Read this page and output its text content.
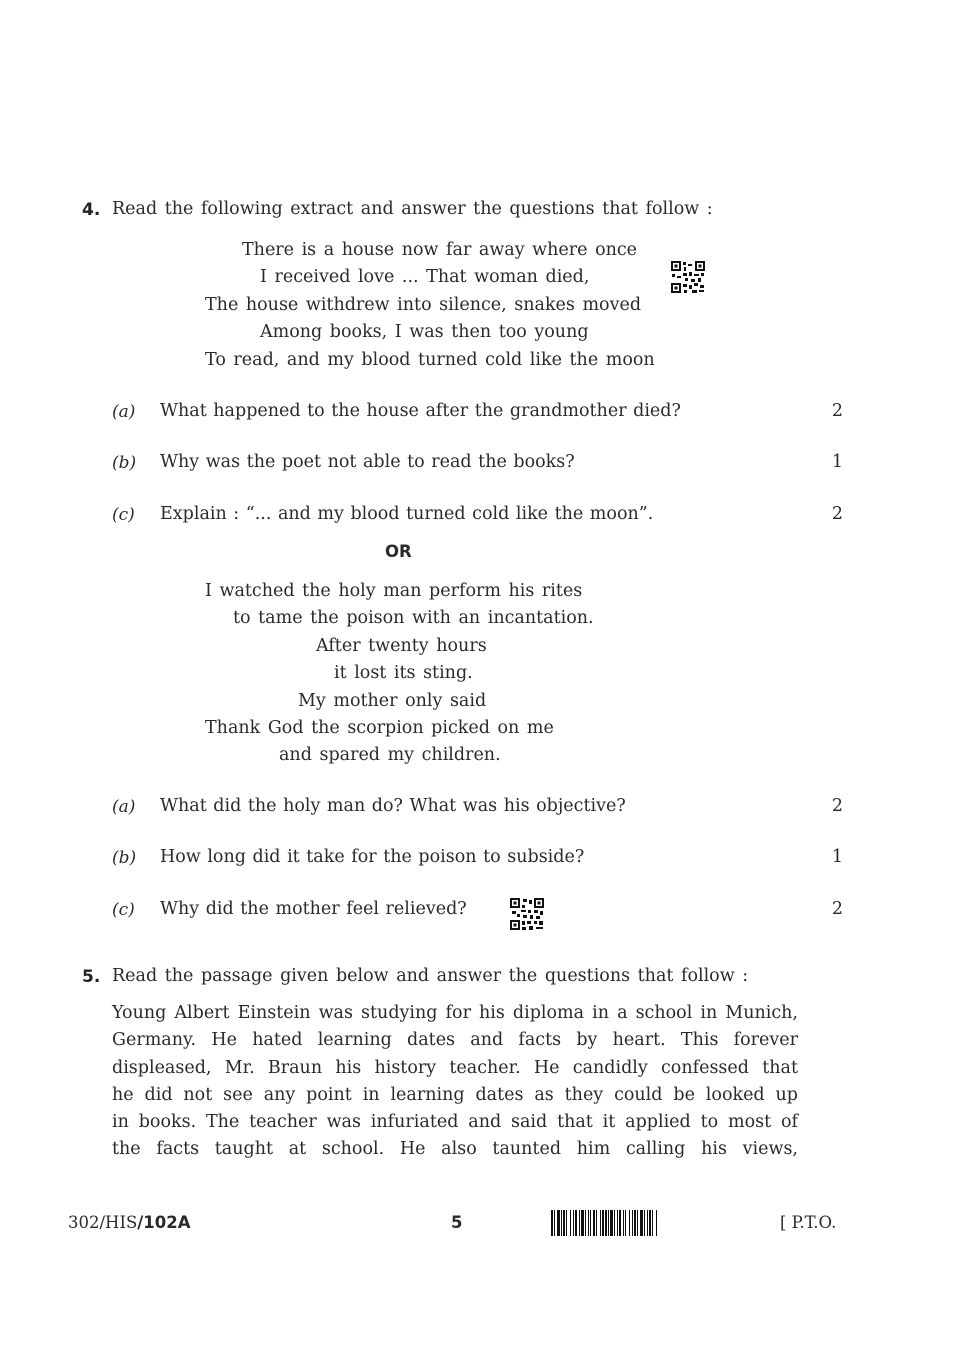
4. Read the following extract and answer the questions that follow :
There is a house now far away where once
I received love ... That woman died,
The house withdrew into silence, snakes moved
Among books, I was then too young
To read, and my blood turned cold like the moon
(a) What happened to the house after the grandmother died?	2
(b) Why was the poet not able to read the books?	1
(c) Explain : “... and my blood turned cold like the moon”.	2
OR
I watched the holy man perform his rites
to tame the poison with an incantation.
After twenty hours
it lost its sting.
My mother only said
Thank God the scorpion picked on me
and spared my children.
(a) What did the holy man do? What was his objective?	2
(b) How long did it take for the poison to subside?	1
(c) Why did the mother feel relieved?	2
5. Read the passage given below and answer the questions that follow :
Young Albert Einstein was studying for his diploma in a school in Munich,
Germany. He hated learning dates and facts by heart. This forever
displeased, Mr. Braun his history teacher. He candidly confessed that
he did not see any point in learning dates as they could be looked up
in books. The teacher was infuriated and said that it applied to most of
the facts taught at school. He also taunted him calling his views,
302/HIS/102A	5	[ P.T.O.
